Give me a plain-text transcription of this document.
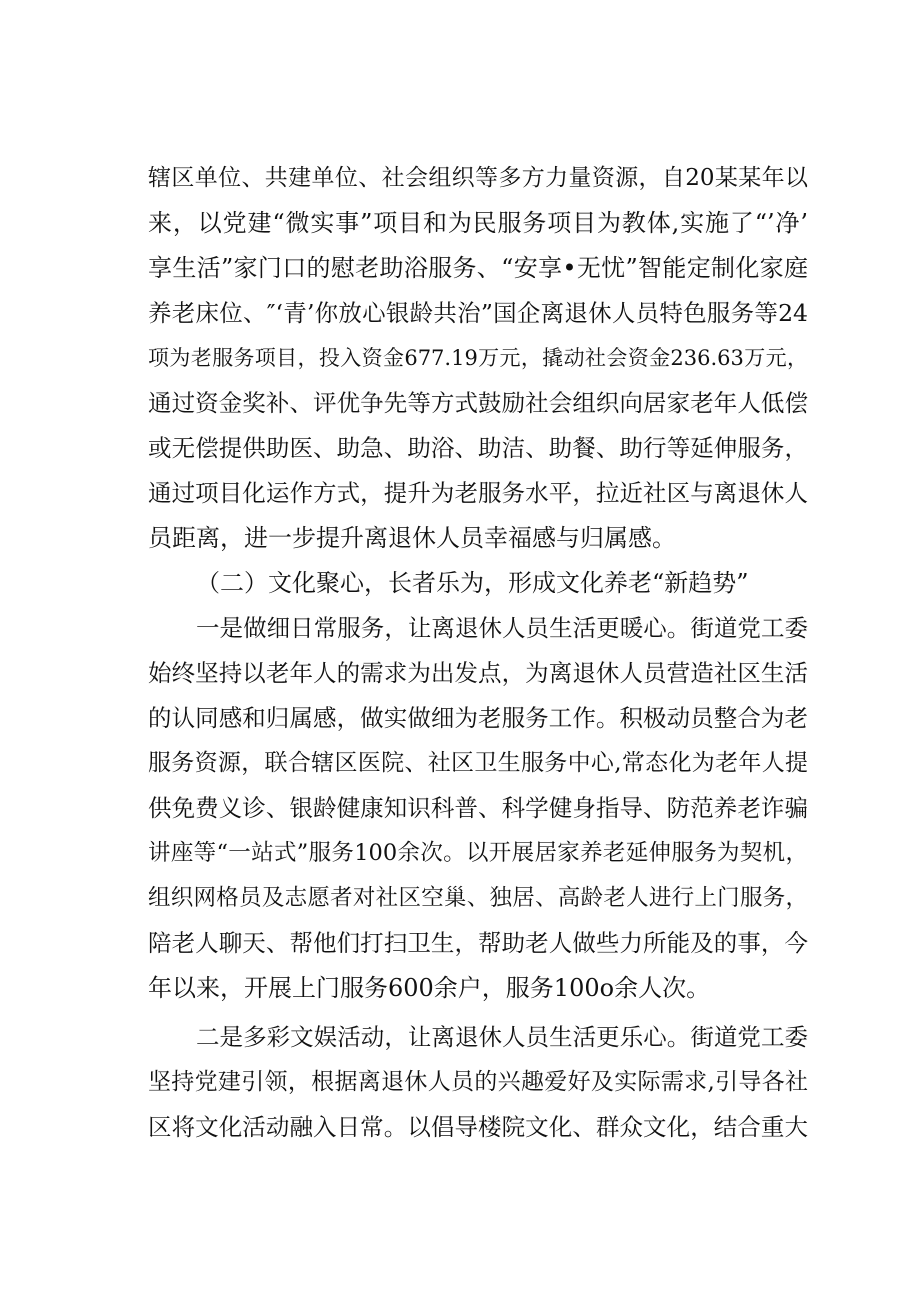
辖区单位、共建单位、社会组织等多方力量资源，自20某某年以
来，以党建“微实事”项目和为民服务项目为教体,实施了“’净’
享生活”家门口的慰老助浴服务、“安享•无忧”智能定制化家庭
养老床位、″‘青’你放心银龄共治”国企离退休人员特色服务等24
项为老服务项目，投入资金677.19万元，撬动社会资金236.63万元，
通过资金奖补、评优争先等方式鼓励社会组织向居家老年人低偿
或无偿提供助医、助急、助浴、助洁、助餐、助行等延伸服务，
通过项目化运作方式，提升为老服务水平，拉近社区与离退休人
员距离，进一步提升离退休人员幸福感与归属感。
（二）文化聚心，长者乐为，形成文化养老“新趋势”
一是做细日常服务，让离退休人员生活更暖心。街道党工委
始终坚持以老年人的需求为出发点，为离退休人员营造社区生活
的认同感和归属感，做实做细为老服务工作。积极动员整合为老
服务资源，联合辖区医院、社区卫生服务中心,常态化为老年人提
供免费义诊、银龄健康知识科普、科学健身指导、防范养老诈骗
讲座等“一站式”服务100余次。以开展居家养老延伸服务为契机，
组织网格员及志愿者对社区空巢、独居、高龄老人进行上门服务，
陪老人聊天、帮他们打扫卫生，帮助老人做些力所能及的事，今
年以来，开展上门服务600余户，服务100o余人次。
二是多彩文娱活动，让离退休人员生活更乐心。街道党工委
坚持党建引领，根据离退休人员的兴趣爱好及实际需求,引导各社
区将文化活动融入日常。以倡导楼院文化、群众文化，结合重大
